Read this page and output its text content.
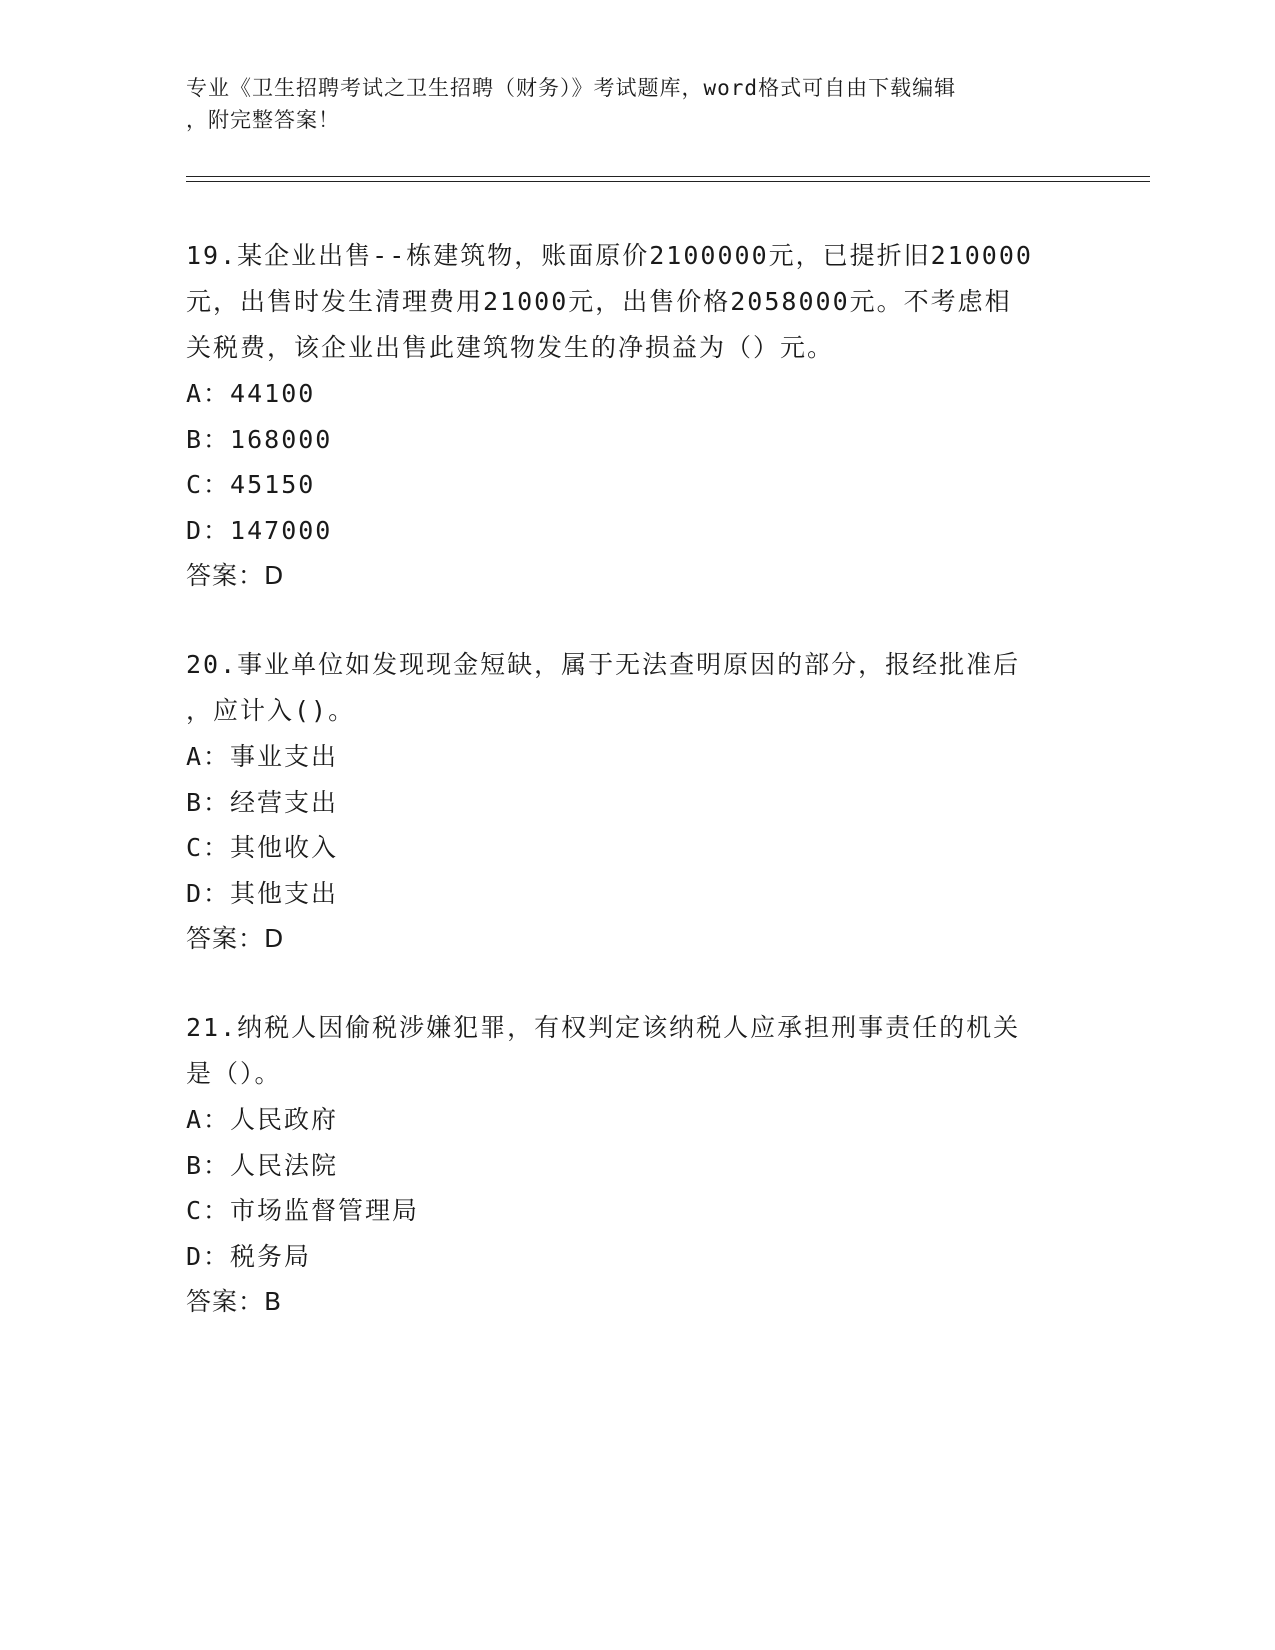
专业《卫生招聘考试之卫生招聘（财务）》考试题库，word格式可自由下载编辑

，附完整答案！

19.某企业出售--栋建筑物，账面原价2100000元，已提折旧210000
元，出售时发生清理费用21000元，出售价格2058000元。不考虑相
关税费，该企业出售此建筑物发生的净损益为（）元。
A：44100
B：168000
C：45150
D：147000
答案：D
20.事业单位如发现现金短缺，属于无法查明原因的部分，报经批准后
，应计入()。
A：事业支出
B：经营支出
C：其他收入
D：其他支出
答案：D
21.纳税人因偷税涉嫌犯罪，有权判定该纳税人应承担刑事责任的机关
是（）。
A：人民政府
B：人民法院
C：市场监督管理局
D：税务局
答案：B
